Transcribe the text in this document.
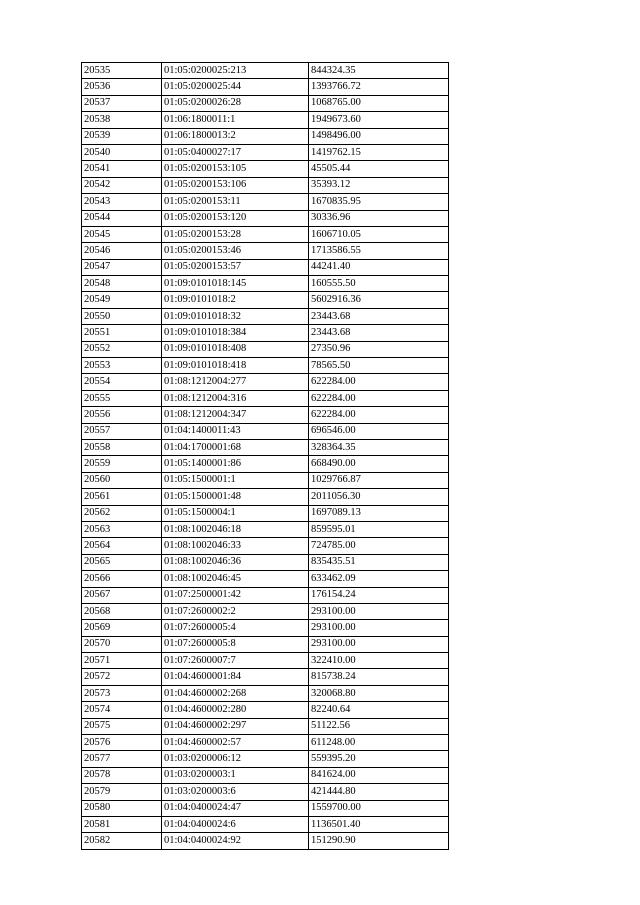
20535	01:05:0200025:213	844324.35
20536	01:05:0200025:44	1393766.72
20537	01:05:0200026:28	1068765.00
20538	01:06:1800011:1	1949673.60
20539	01:06:1800013:2	1498496.00
20540	01:05:0400027:17	1419762.15
20541	01:05:0200153:105	45505.44
20542	01:05:0200153:106	35393.12
20543	01:05:0200153:11	1670835.95
20544	01:05:0200153:120	30336.96
20545	01:05:0200153:28	1606710.05
20546	01:05:0200153:46	1713586.55
20547	01:05:0200153:57	44241.40
20548	01:09:0101018:145	160555.50
20549	01:09:0101018:2	5602916.36
20550	01:09:0101018:32	23443.68
20551	01:09:0101018:384	23443.68
20552	01:09:0101018:408	27350.96
20553	01:09:0101018:418	78565.50
20554	01:08:1212004:277	622284.00
20555	01:08:1212004:316	622284.00
20556	01:08:1212004:347	622284.00
20557	01:04:1400011:43	696546.00
20558	01:04:1700001:68	328364.35
20559	01:05:1400001:86	668490.00
20560	01:05:1500001:1	1029766.87
20561	01:05:1500001:48	2011056.30
20562	01:05:1500004:1	1697089.13
20563	01:08:1002046:18	859595.01
20564	01:08:1002046:33	724785.00
20565	01:08:1002046:36	835435.51
20566	01:08:1002046:45	633462.09
20567	01:07:2500001:42	176154.24
20568	01:07:2600002:2	293100.00
20569	01:07:2600005:4	293100.00
20570	01:07:2600005:8	293100.00
20571	01:07:2600007:7	322410.00
20572	01:04:4600001:84	815738.24
20573	01:04:4600002:268	320068.80
20574	01:04:4600002:280	82240.64
20575	01:04:4600002:297	51122.56
20576	01:04:4600002:57	611248.00
20577	01:03:0200006:12	559395.20
20578	01:03:0200003:1	841624.00
20579	01:03:0200003:6	421444.80
20580	01:04:0400024:47	1559700.00
20581	01:04:0400024:6	1136501.40
20582	01:04:0400024:92	151290.90
